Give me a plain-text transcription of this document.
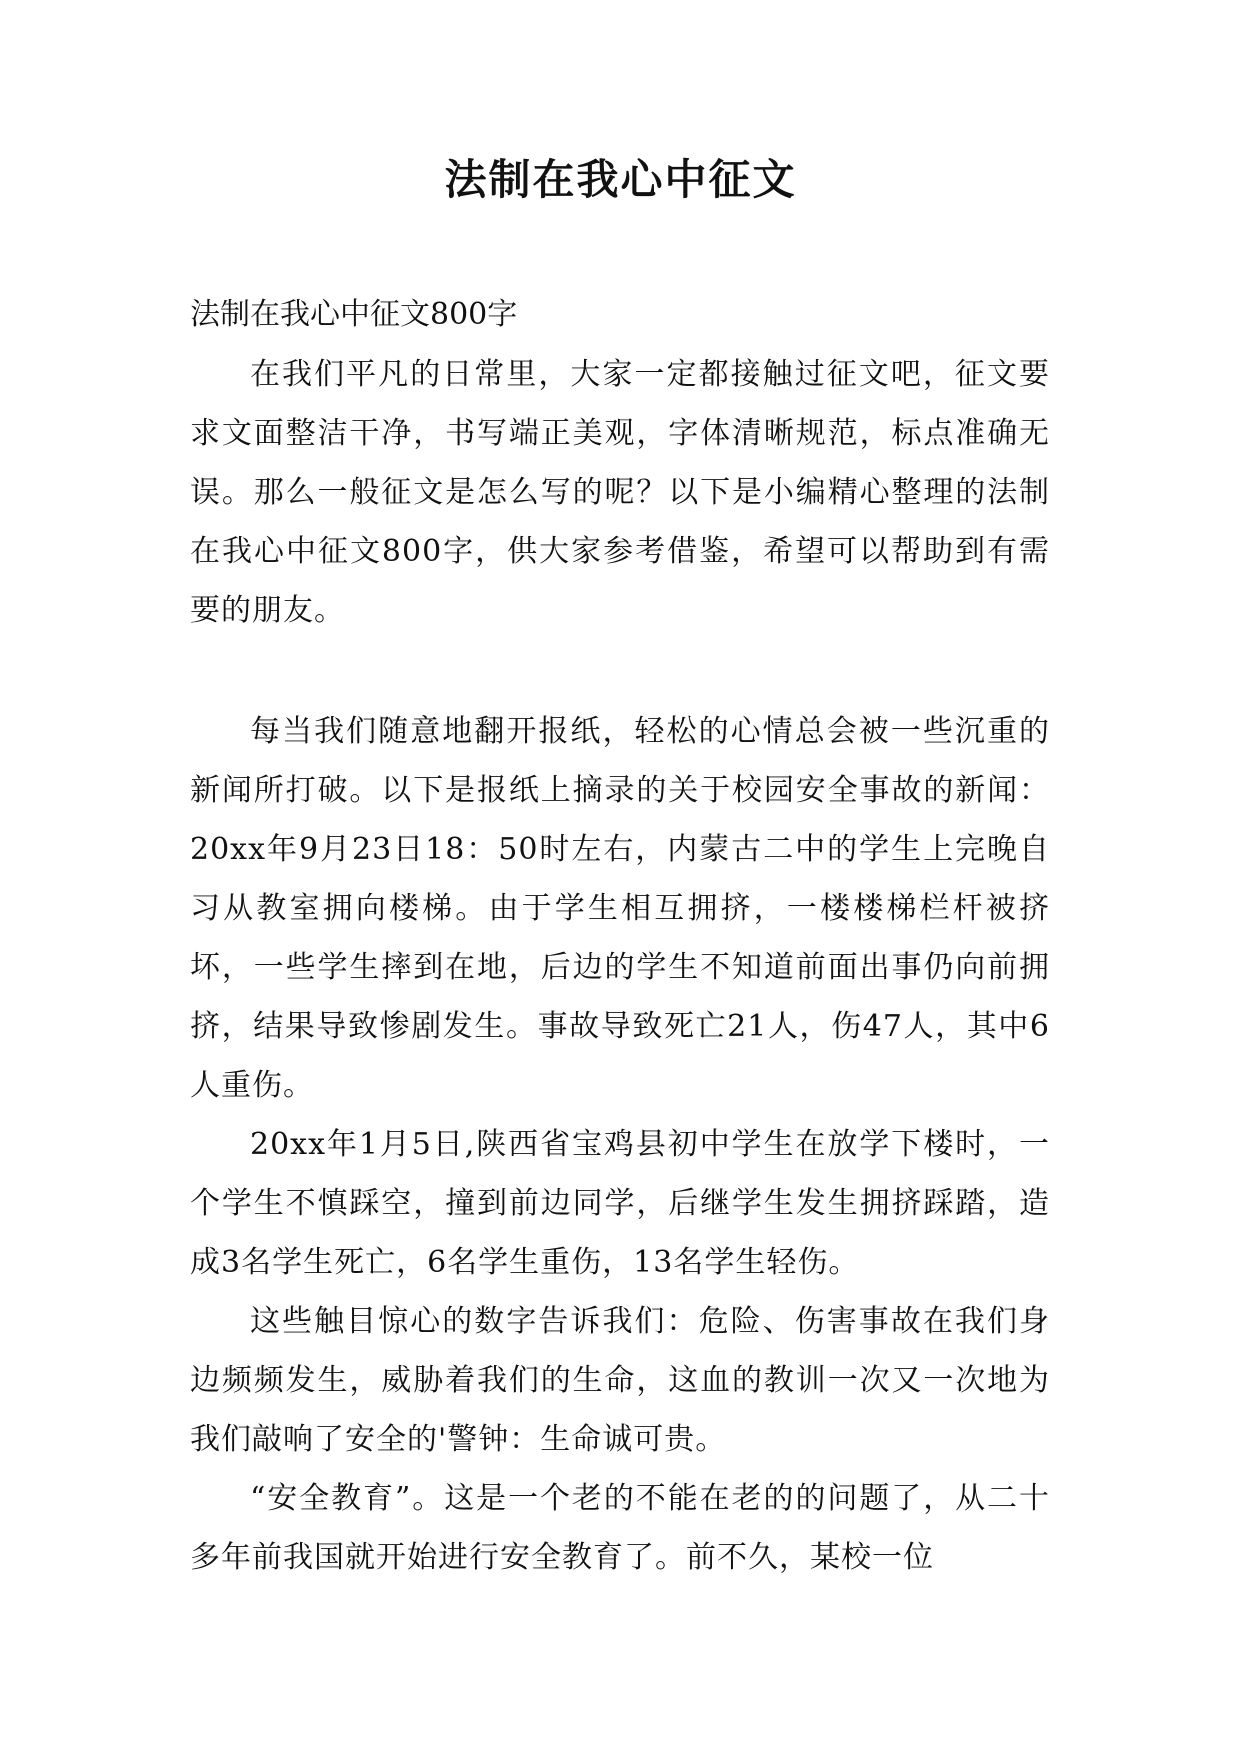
法制在我心中征文

法制在我心中征文800字

在我们平凡的日常里，大家一定都接触过征文吧，征文要求文面整洁干净，书写端正美观，字体清晰规范，标点准确无误。那么一般征文是怎么写的呢？以下是小编精心整理的法制在我心中征文800字，供大家参考借鉴，希望可以帮助到有需要的朋友。

每当我们随意地翻开报纸，轻松的心情总会被一些沉重的新闻所打破。以下是报纸上摘录的关于校园安全事故的新闻：20xx年9月23日18：50时左右，内蒙古二中的学生上完晚自习从教室拥向楼梯。由于学生相互拥挤，一楼楼梯栏杆被挤坏，一些学生摔到在地，后边的学生不知道前面出事仍向前拥挤，结果导致惨剧发生。事故导致死亡21人，伤47人，其中6人重伤。

20xx年1月5日,陕西省宝鸡县初中学生在放学下楼时，一个学生不慎踩空，撞到前边同学，后继学生发生拥挤踩踏，造成3名学生死亡，6名学生重伤，13名学生轻伤。

这些触目惊心的数字告诉我们：危险、伤害事故在我们身边频频发生，威胁着我们的生命，这血的教训一次又一次地为我们敲响了安全的'警钟：生命诚可贵。

“安全教育”。这是一个老的不能在老的的问题了，从二十多年前我国就开始进行安全教育了。前不久，某校一位
